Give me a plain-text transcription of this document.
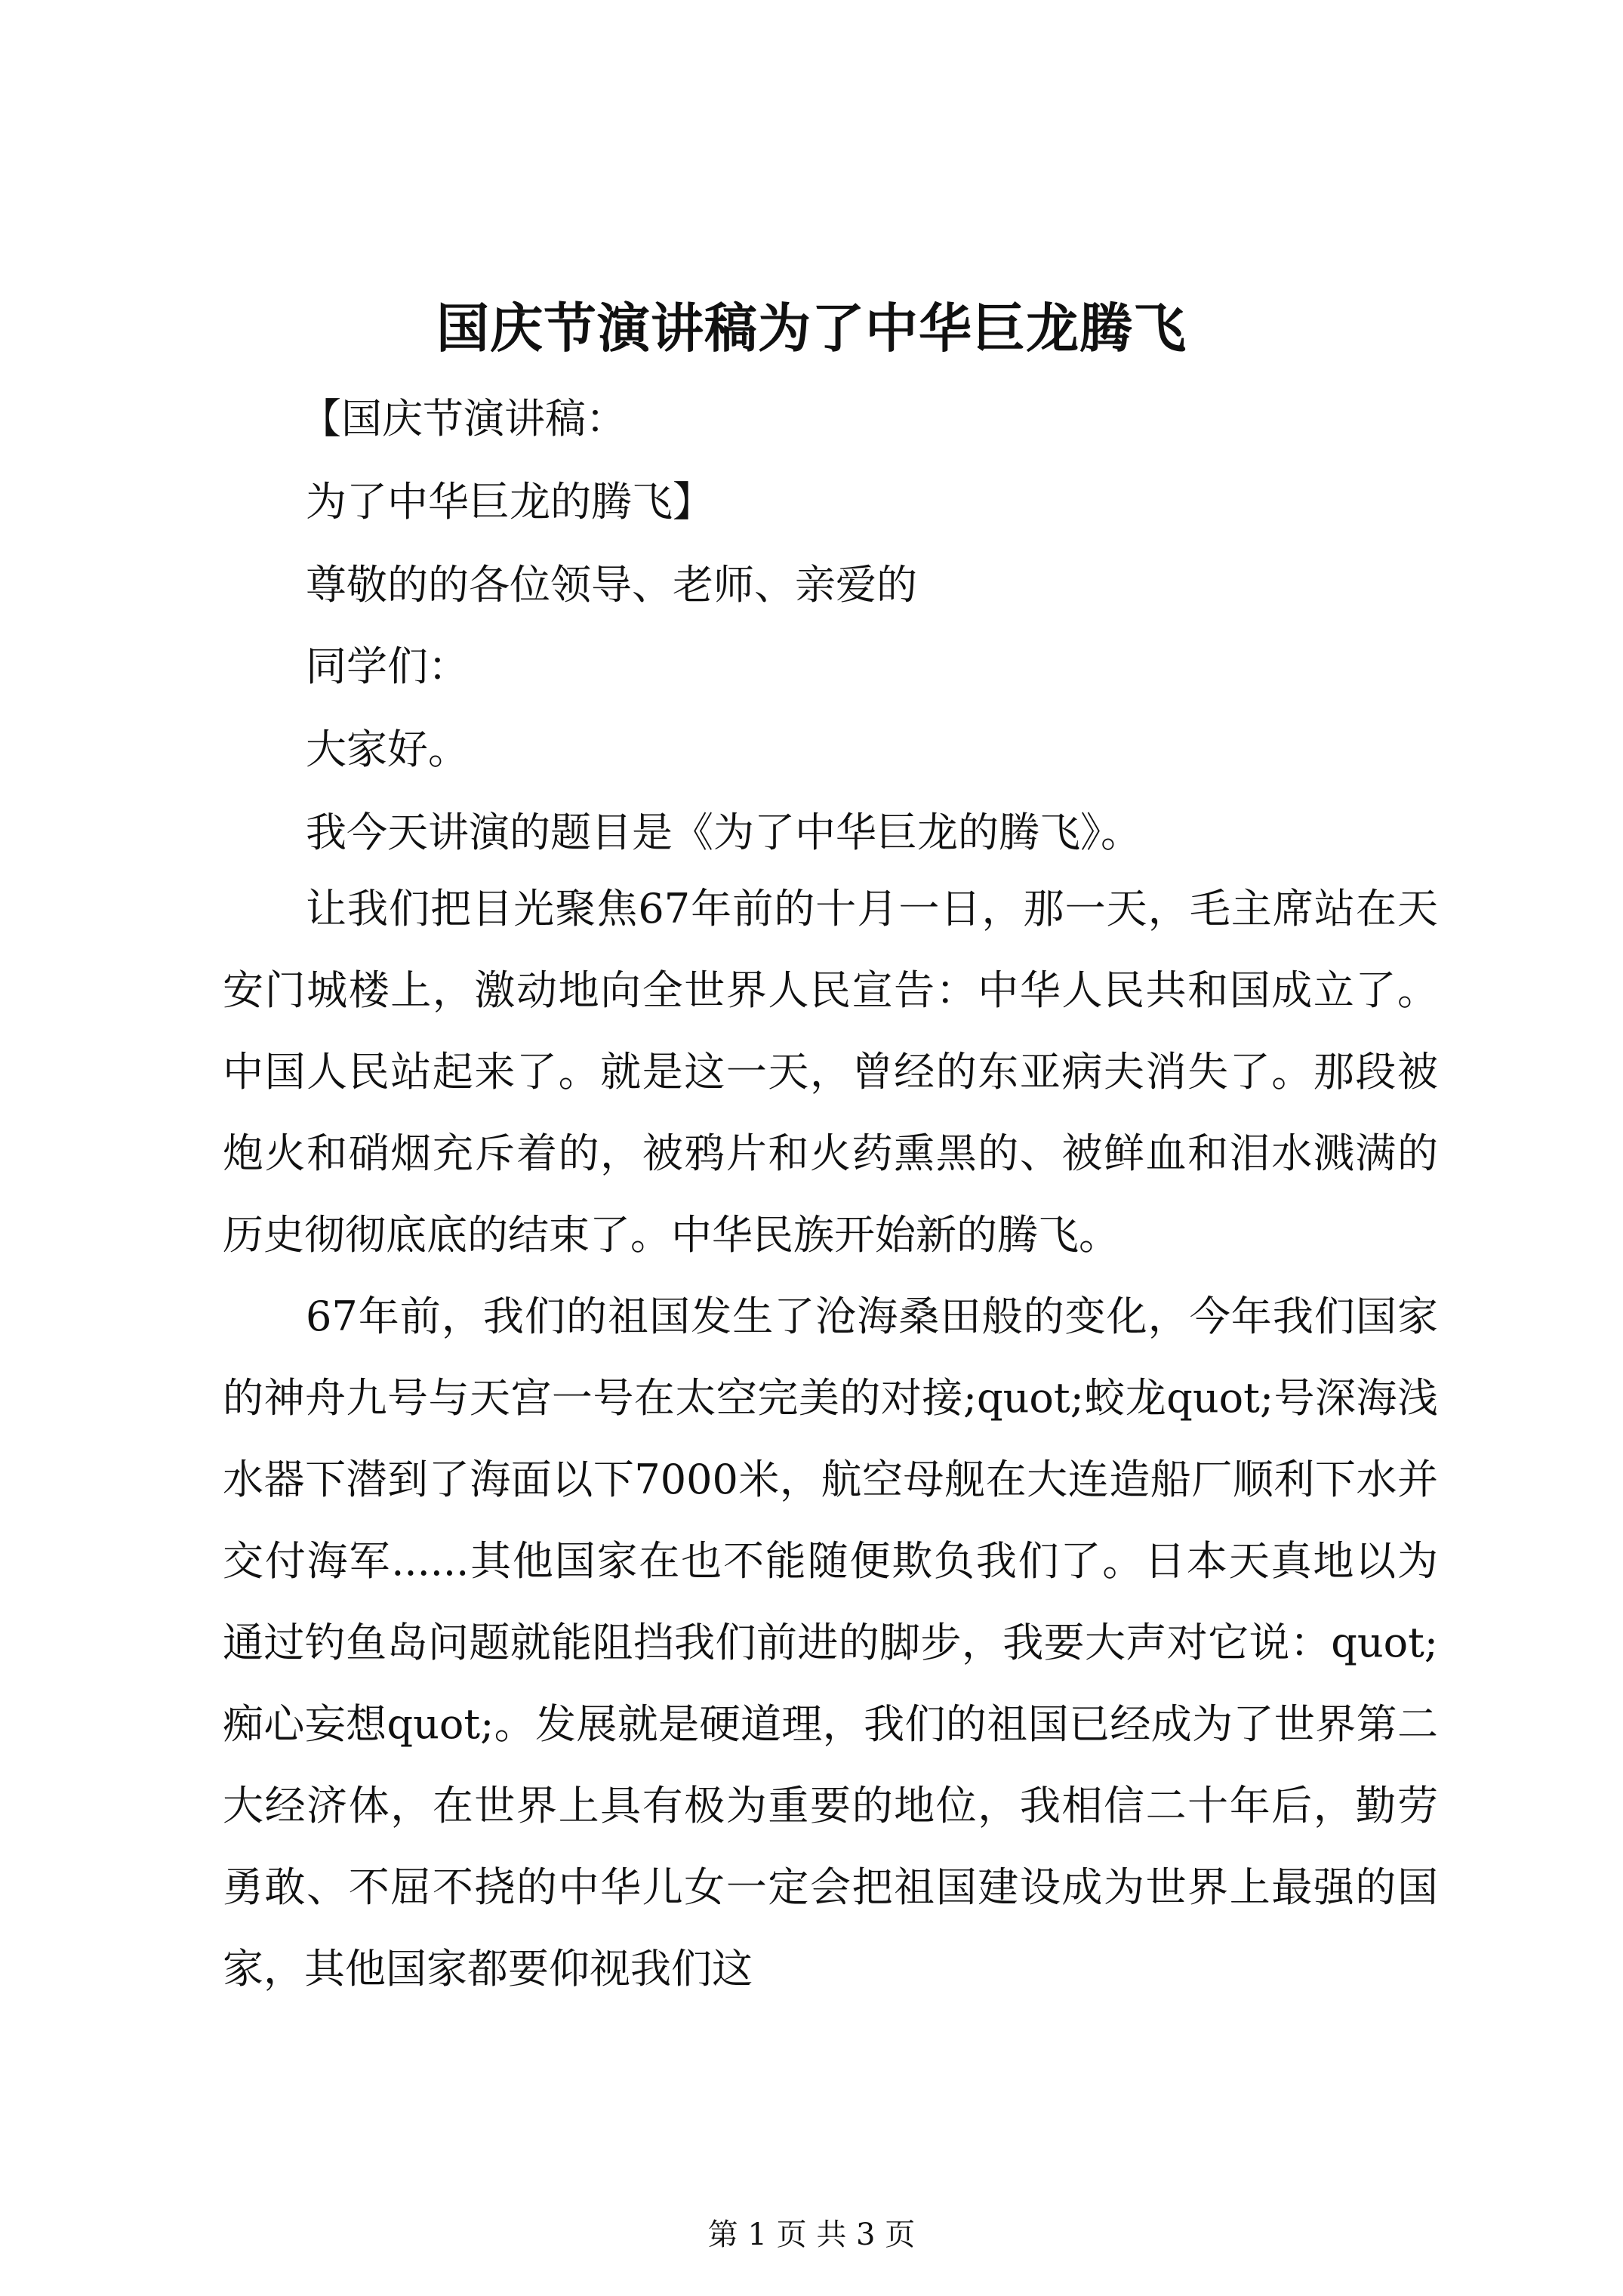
国庆节演讲稿为了中华巨龙腾飞

【国庆节演讲稿：

为了中华巨龙的腾飞】

尊敬的的各位领导、老师、亲爱的

同学们：

大家好。

我今天讲演的题目是《为了中华巨龙的腾飞》。

让我们把目光聚焦67年前的十月一日，那一天，毛主席站在天安门城楼上，激动地向全世界人民宣告：中华人民共和国成立了。中国人民站起来了。就是这一天，曾经的东亚病夫消失了。那段被炮火和硝烟充斥着的，被鸦片和火药熏黑的、被鲜血和泪水溅满的历史彻彻底底的结束了。中华民族开始新的腾飞。

67年前，我们的祖国发生了沧海桑田般的变化，今年我们国家的神舟九号与天宫一号在太空完美的对接;quot;蛟龙quot;号深海浅水器下潜到了海面以下7000米，航空母舰在大连造船厂顺利下水并交付海军......其他国家在也不能随便欺负我们了。日本天真地以为通过钓鱼岛问题就能阻挡我们前进的脚步，我要大声对它说：quot;痴心妄想quot;。发展就是硬道理，我们的祖国已经成为了世界第二大经济体，在世界上具有极为重要的地位，我相信二十年后，勤劳勇敢、不屈不挠的中华儿女一定会把祖国建设成为世界上最强的国家，其他国家都要仰视我们这

第 1 页 共 3 页
